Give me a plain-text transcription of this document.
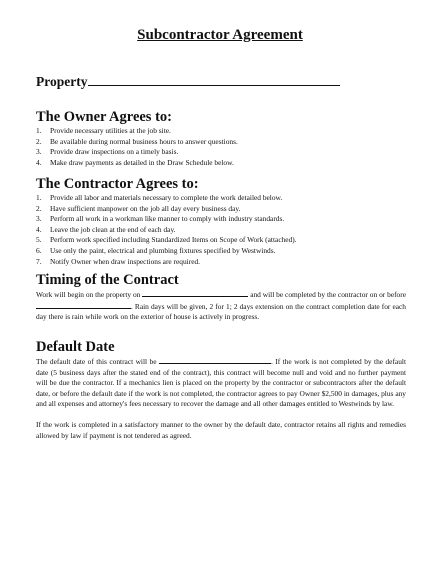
Subcontractor Agreement
Property
The Owner Agrees to:
1. Provide necessary utilities at the job site.
2. Be available during normal business hours to answer questions.
3. Provide draw inspections on a timely basis.
4. Make draw payments as detailed in the Draw Schedule below.
The Contractor Agrees to:
1. Provide all labor and materials necessary to complete the work detailed below.
2. Have sufficient manpower on the job all day every business day.
3. Perform all work in a workman like manner to comply with industry standards.
4. Leave the job clean at the end of each day.
5. Perform work specified including Standardized Items on Scope of Work (attached).
6. Use only the paint, electrical and plumbing fixtures specified by Westwinds.
7. Notify Owner when draw inspections are required.
Timing of the Contract

Work will begin on the property on	and will be completed by the contractor on or before . Rain days will be given, 2 for 1; 2 days extension on the contract completion date for each day there is rain while work on the exterior of house is actively in progress.

Default Date

The default date of this contract will be	. If the work is not completed by the default date (5 business days after the stated end of the contract), this contract will become null and void and no further payment will be due the contractor. If a mechanics lien is placed on the property by the contractor or subcontractors after the default date, or before the default date if the work is not completed, the contractor agrees to pay Owner $2,500 in damages, plus any and all expenses and attorney's fees necessary to recover the damage and all other damages entitled to Westwinds by law.

If the work is completed in a satisfactory manner to the owner by the default date, contractor retains all rights and remedies allowed by law if payment is not tendered as agreed.
